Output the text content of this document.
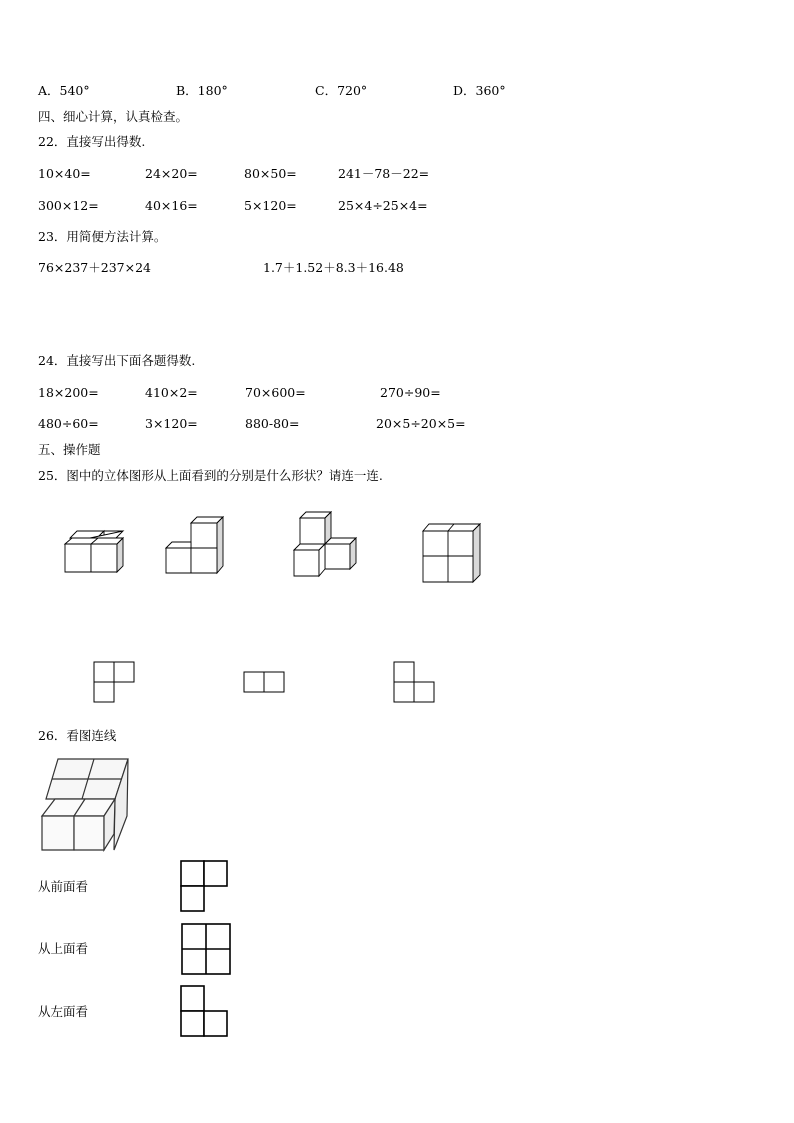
A．540°	B．180°	C．720°	D．360°
四、细心计算，认真检查。
22．直接写出得数.
10×40=	24×20=	80×50=	241－78－22=
300×12=	40×16=	5×120=	25×4÷25×4=
23．用简便方法计算。
76×237＋237×24	1.7＋1.52＋8.3＋16.48
24．直接写出下面各题得数.
18×200=	410×2=	70×600=	270÷90=
480÷60=	3×120=	880-80=	20×5÷20×5=
五、操作题
25．图中的立体图形从上面看到的分别是什么形状？请连一连.
26．看图连线
从前面看
从上面看
从左面看
